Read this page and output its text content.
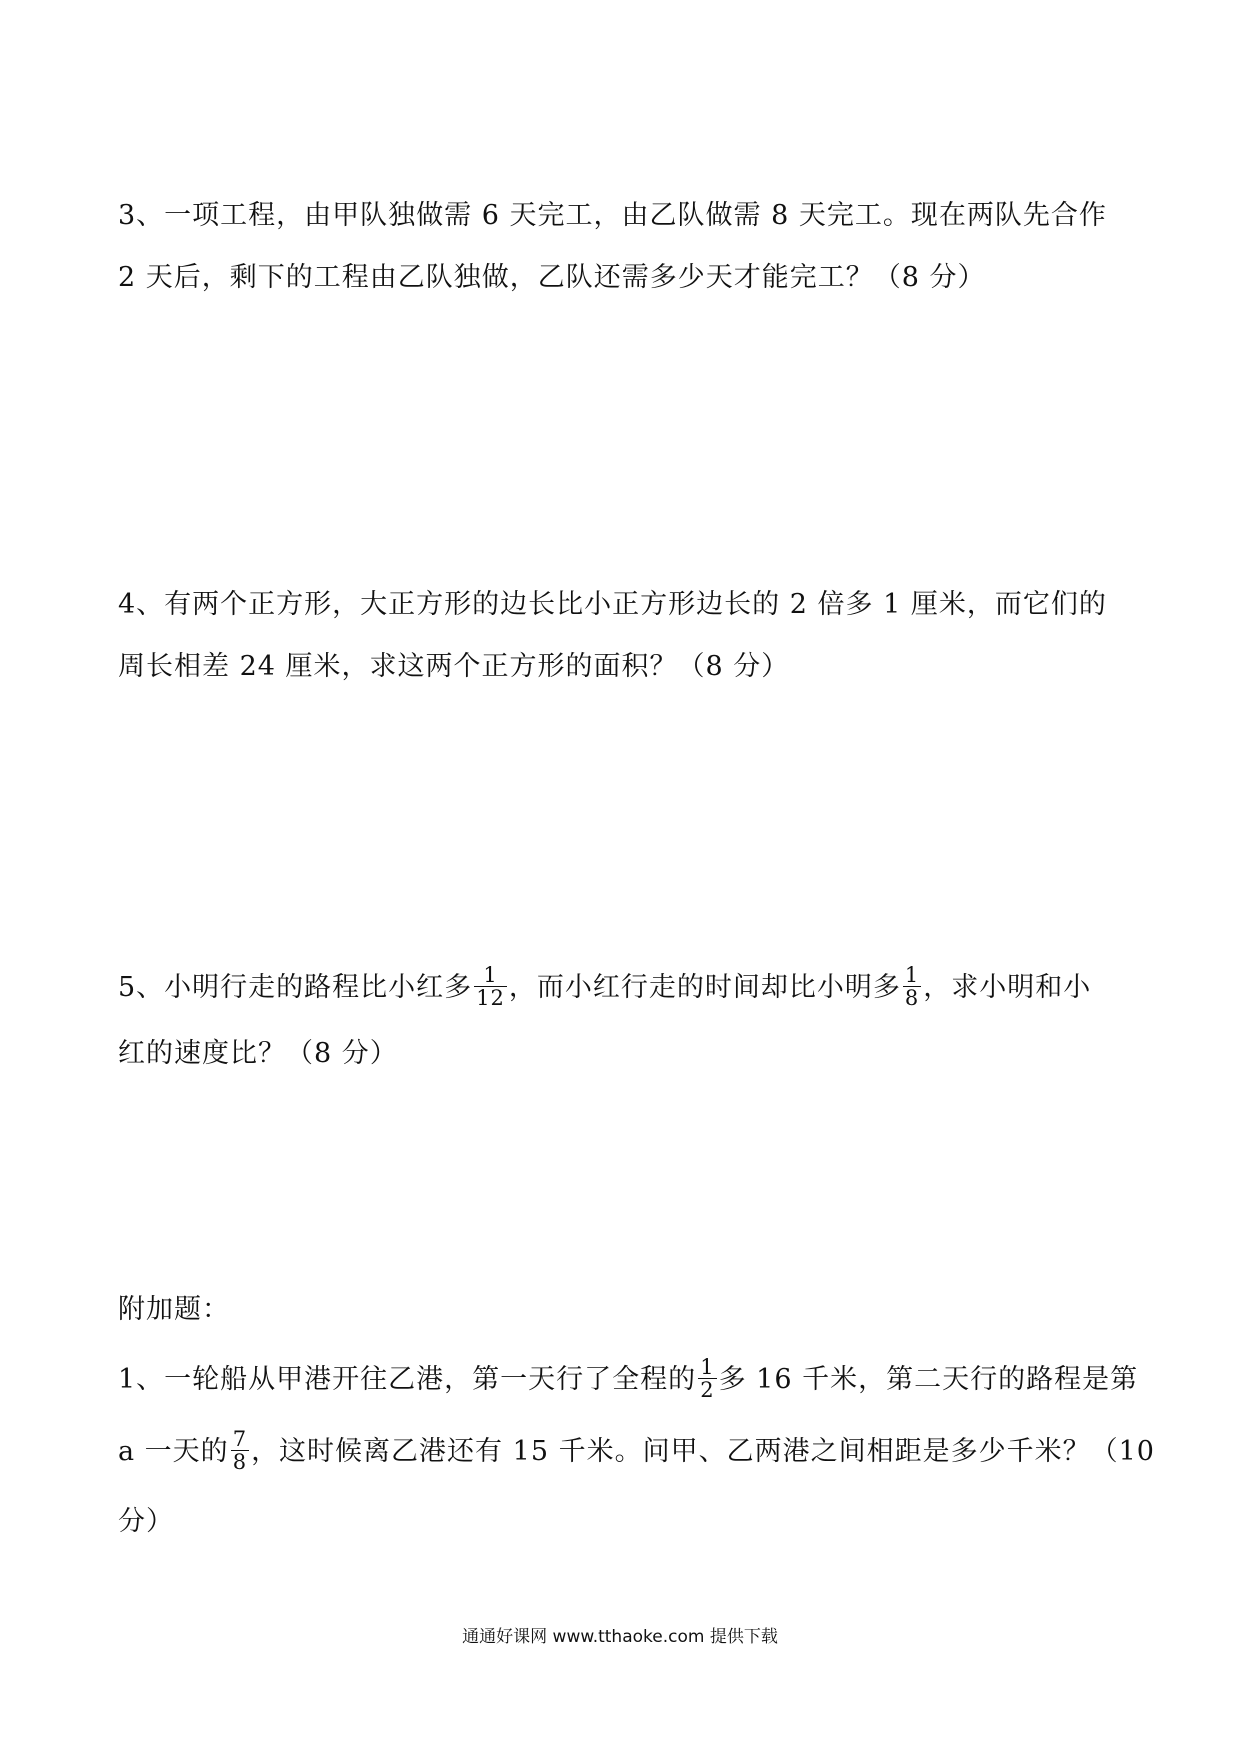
3、一项工程，由甲队独做需 6 天完工，由乙队做需 8 天完工。现在两队先合作
2 天后，剩下的工程由乙队独做，乙队还需多少天才能完工？（8 分）
4、有两个正方形，大正方形的边长比小正方形边长的 2 倍多 1 厘米，而它们的
周长相差 24 厘米，求这两个正方形的面积？（8 分）
5、小明行走的路程比小红多 $\frac{1}{12}$ ，而小红行走的时间却比小明多 $\frac{1}{8}$ ，求小明和小
红的速度比？（8 分）
附加题：
1、一轮船从甲港开往乙港，第一天行了全程的 $\frac{1}{2}$ 多 16 千米，第二天行的路程是第
a 一天的 $\frac{7}{8}$ ，这时候离乙港还有 15 千米。问甲、乙两港之间相距是多少千米？（10
分）
通通好课网 www.tthaoke.com 提供下载
